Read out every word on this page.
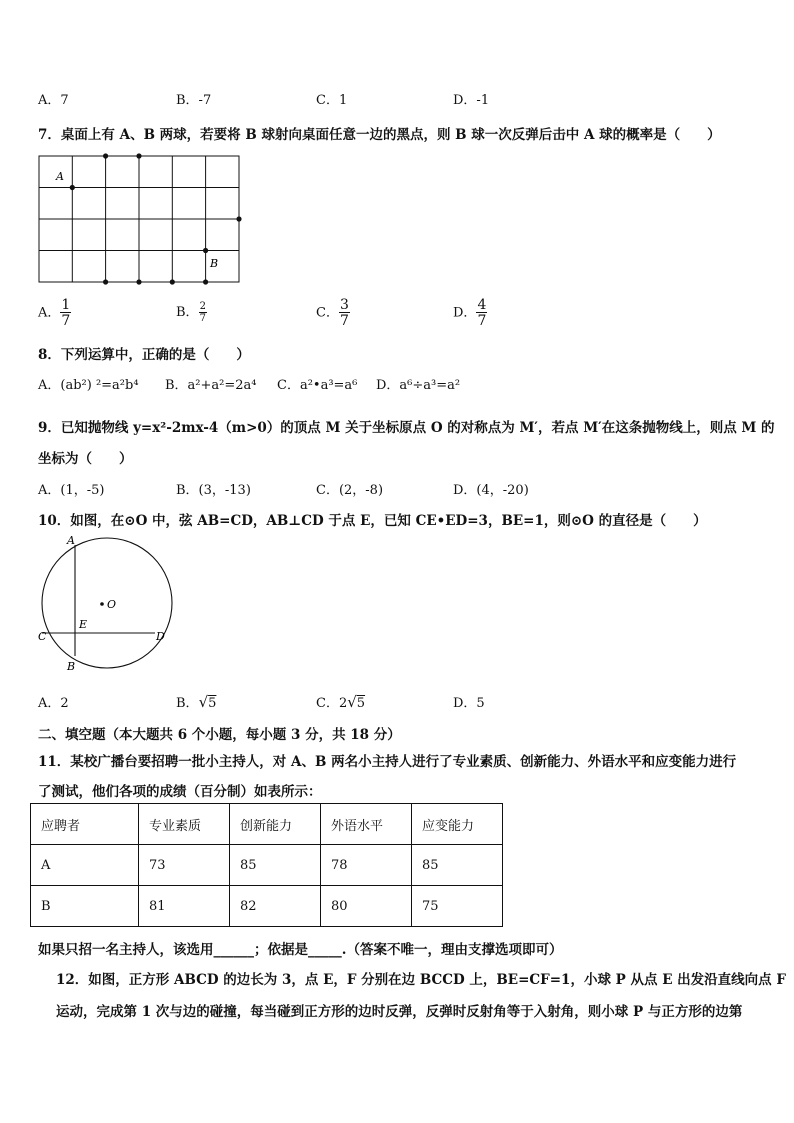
A．7	B．-7	C．1	D．-1
7．桌面上有 A、B 两球，若要将 B 球射向桌面任意一边的黑点，则 B 球一次反弹后击中 A 球的概率是（　　）
A
B
A． $\frac{1}{7}$	B． $\frac{2}{7}$	C． $\frac{3}{7}$	D． $\frac{4}{7}$
8．下列运算中，正确的是（　　）
A．(ab²) ²=a²b⁴ B．a²+a²=2a⁴ C．a²•a³=a⁶ D．a⁶÷a³=a²
9．已知抛物线 y=x²-2mx-4（m>0）的顶点 M 关于坐标原点 O 的对称点为 M′，若点 M′在这条抛物线上，则点 M 的
坐标为（　　）
A．(1，-5)	B．(3，-13)	C．(2，-8)	D．(4，-20)
10．如图，在⊙O 中，弦 AB=CD，AB⊥CD 于点 E，已知 CE•ED=3，BE=1，则⊙O 的直径是（　　）
A
O
E
C	D
B
A．2	B．√5	C．2√5	D．5
二、填空题（本大题共 6 个小题，每小题 3 分，共 18 分）
11．某校广播台要招聘一批小主持人，对 A、B 两名小主持人进行了专业素质、创新能力、外语水平和应变能力进行
了测试，他们各项的成绩（百分制）如表所示：
应聘者	专业素质	创新能力	外语水平	应变能力
A	73	85	78	85
B	81	82	80	75
如果只招一名主持人，该选用______；依据是_____.（答案不唯一，理由支撑选项即可）
12．如图，正方形 ABCD 的边长为 3，点 E，F 分别在边 BCCD 上，BE=CF=1，小球 P 从点 E 出发沿直线向点 F
运动，完成第 1 次与边的碰撞，每当碰到正方形的边时反弹，反弹时反射角等于入射角，则小球 P 与正方形的边第
